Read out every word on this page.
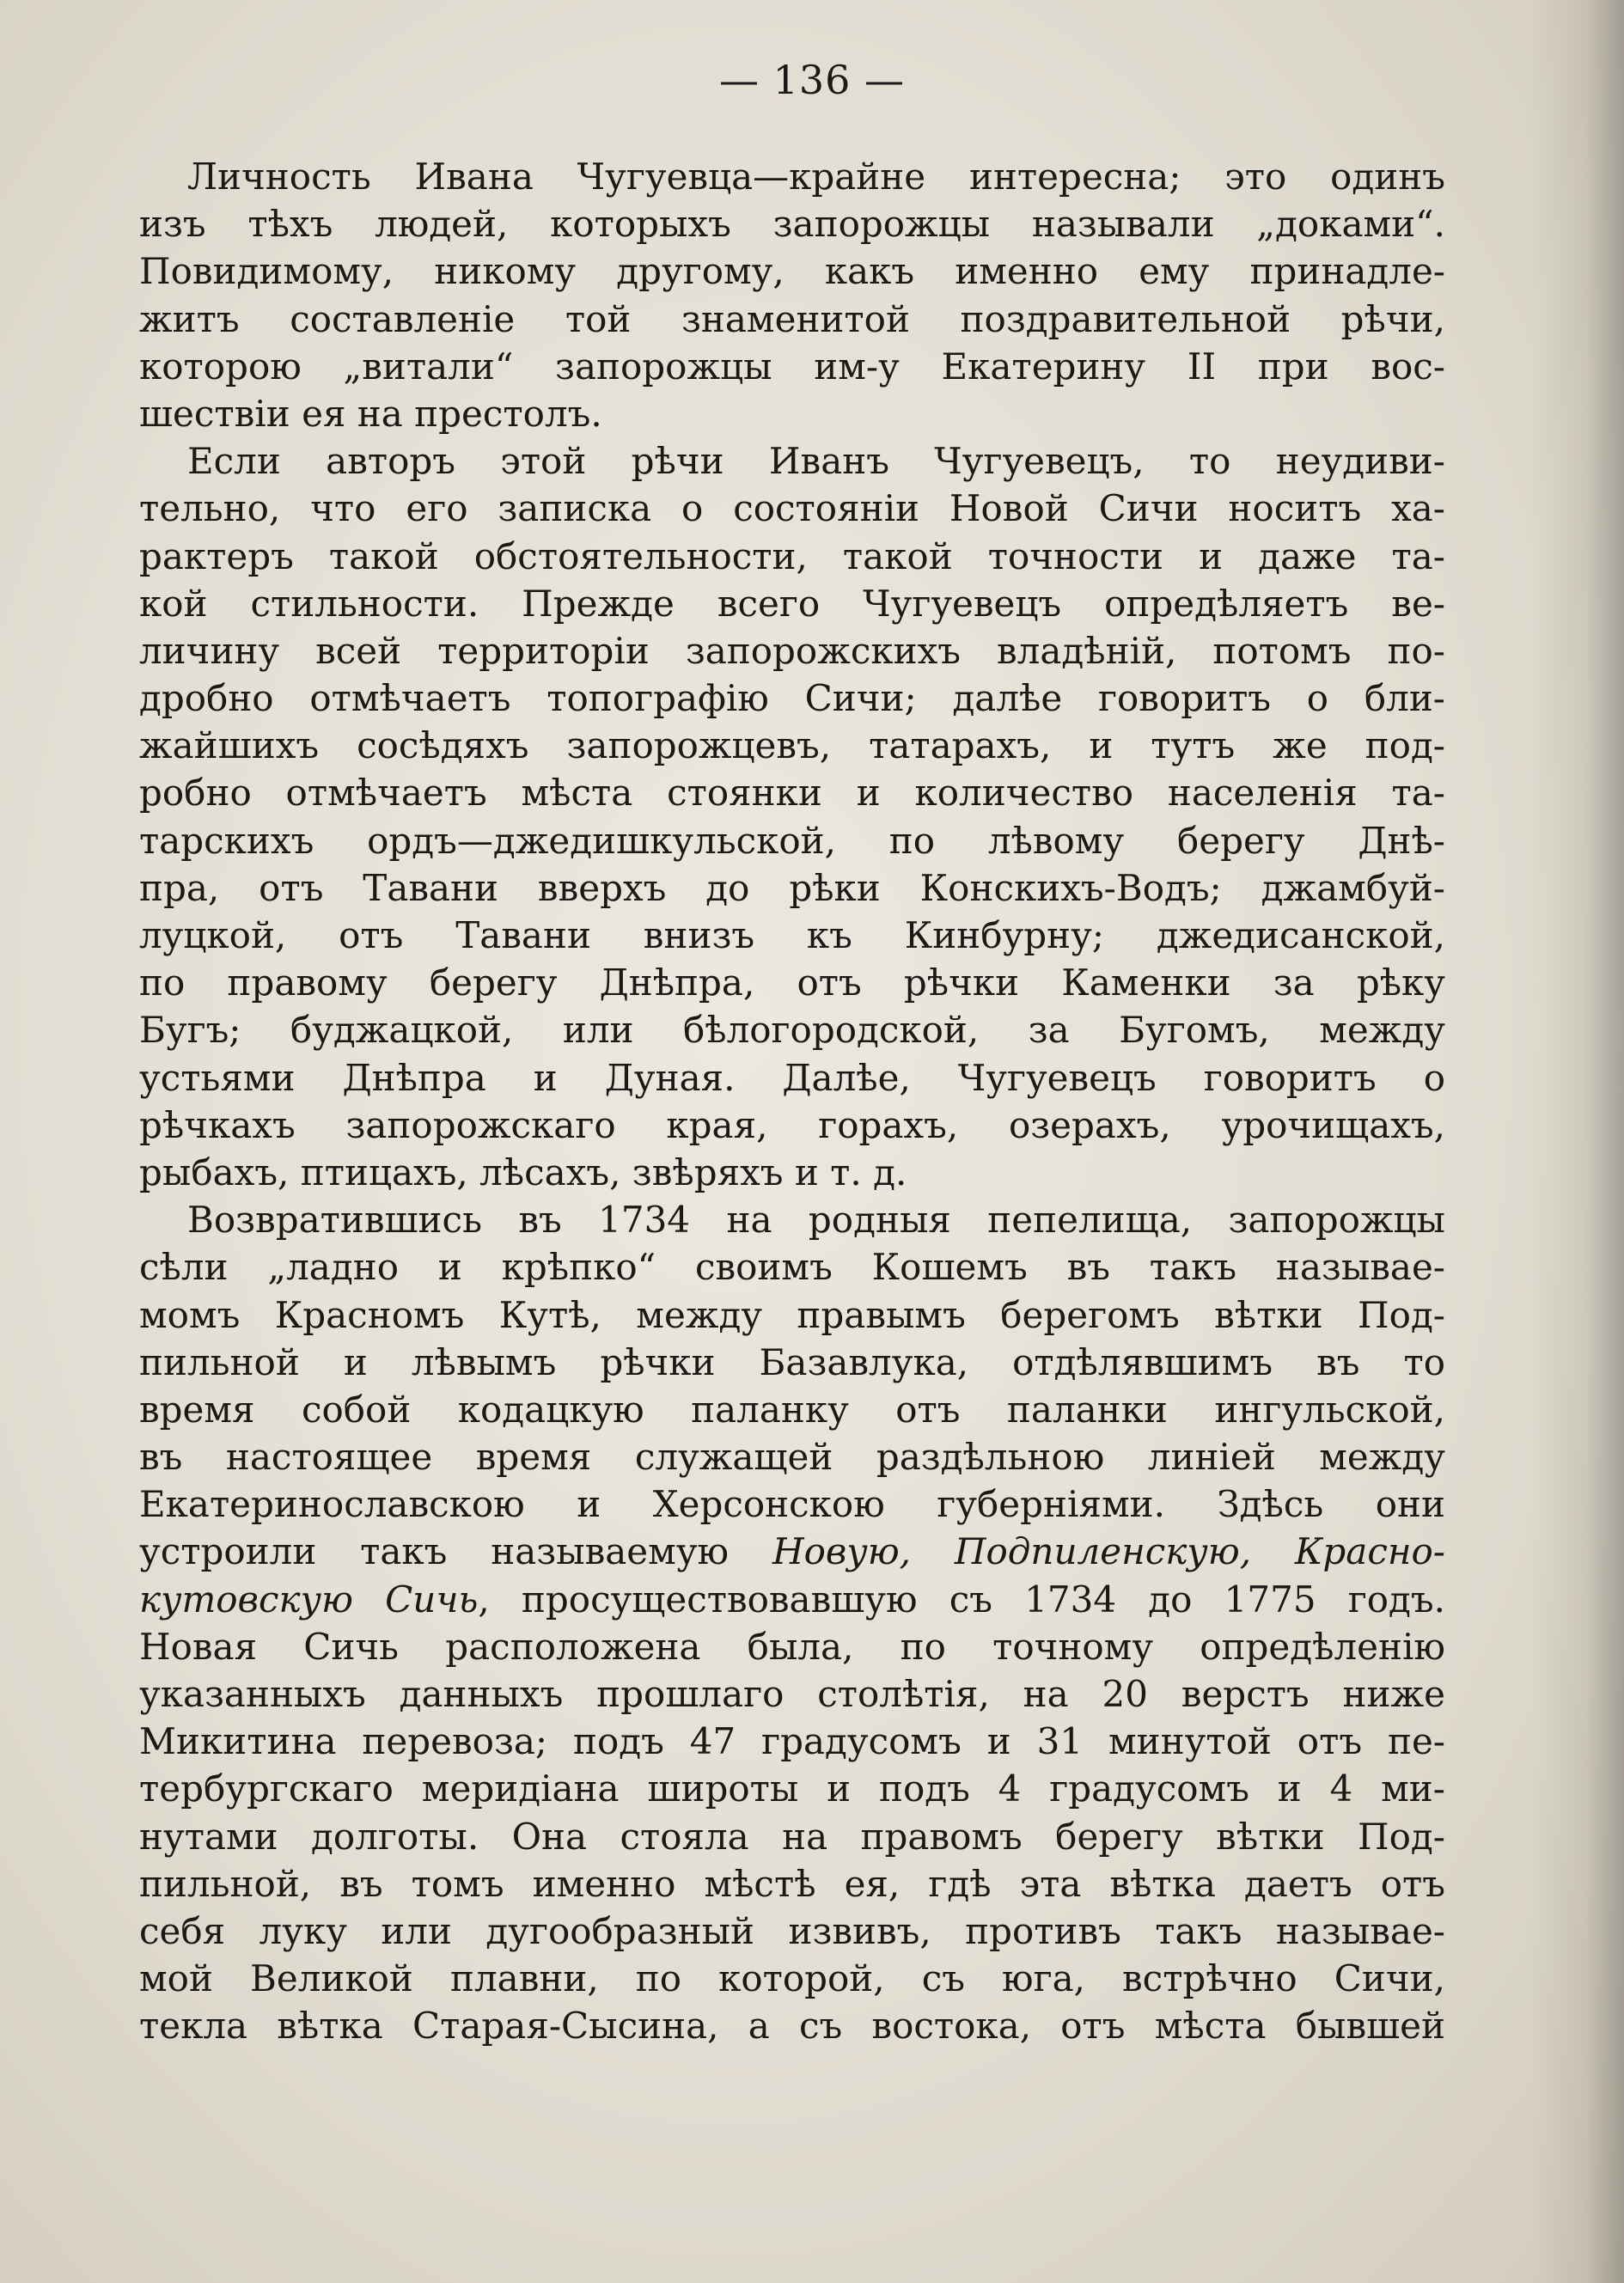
— 136 —
Личность Ивана Чугуевца—крайне интересна; это одинъ
изъ тѣхъ людей, которыхъ запорожцы называли „доками“.
Повидимому, никому другому, какъ именно ему принадле-
житъ составленіе той знаменитой поздравительной рѣчи,
которою „витали“ запорожцы им-у Екатерину II при вос-
шествіи ея на престолъ.
Если авторъ этой рѣчи Иванъ Чугуевецъ, то неудиви-
тельно, что его записка о состояніи Новой Сичи носитъ ха-
рактеръ такой обстоятельности, такой точности и даже та-
кой стильности. Прежде всего Чугуевецъ опредѣляетъ ве-
личину всей территоріи запорожскихъ владѣній, потомъ по-
дробно отмѣчаетъ топографію Сичи; далѣе говоритъ о бли-
жайшихъ сосѣдяхъ запорожцевъ, татарахъ, и тутъ же под-
робно отмѣчаетъ мѣста стоянки и количество населенія та-
тарскихъ ордъ—джедишкульской, по лѣвому берегу Днѣ-
пра, отъ Тавани вверхъ до рѣки Конскихъ-Водъ; джамбуй-
луцкой, отъ Тавани внизъ къ Кинбурну; джедисанской,
по правому берегу Днѣпра, отъ рѣчки Каменки за рѣку
Бугъ; буджацкой, или бѣлогородской, за Бугомъ, между
устьями Днѣпра и Дуная. Далѣе, Чугуевецъ говоритъ о
рѣчкахъ запорожскаго края, горахъ, озерахъ, урочищахъ,
рыбахъ, птицахъ, лѣсахъ, звѣряхъ и т. д.
Возвратившись въ 1734 на родныя пепелища, запорожцы
сѣли „ладно и крѣпко“ своимъ Кошемъ въ такъ называе-
момъ Красномъ Кутѣ, между правымъ берегомъ вѣтки Под-
пильной и лѣвымъ рѣчки Базавлука, отдѣлявшимъ въ то
время собой кодацкую паланку отъ паланки ингульской,
въ настоящее время служащей раздѣльною линіей между
Екатеринославскою и Херсонскою губерніями. Здѣсь они
устроили такъ называемую Новую, Подпиленскую, Красно-
кутовскую Сичь, просуществовавшую съ 1734 до 1775 годъ.
Новая Сичь расположена была, по точному опредѣленію
указанныхъ данныхъ прошлаго столѣтія, на 20 верстъ ниже
Микитина перевоза; подъ 47 градусомъ и 31 минутой отъ пе-
тербургскаго меридіана широты и подъ 4 градусомъ и 4 ми-
нутами долготы. Она стояла на правомъ берегу вѣтки Под-
пильной, въ томъ именно мѣстѣ ея, гдѣ эта вѣтка даетъ отъ
себя луку или дугообразный извивъ, противъ такъ называе-
мой Великой плавни, по которой, съ юга, встрѣчно Сичи,
текла вѣтка Старая-Сысина, а съ востока, отъ мѣста бывшей
